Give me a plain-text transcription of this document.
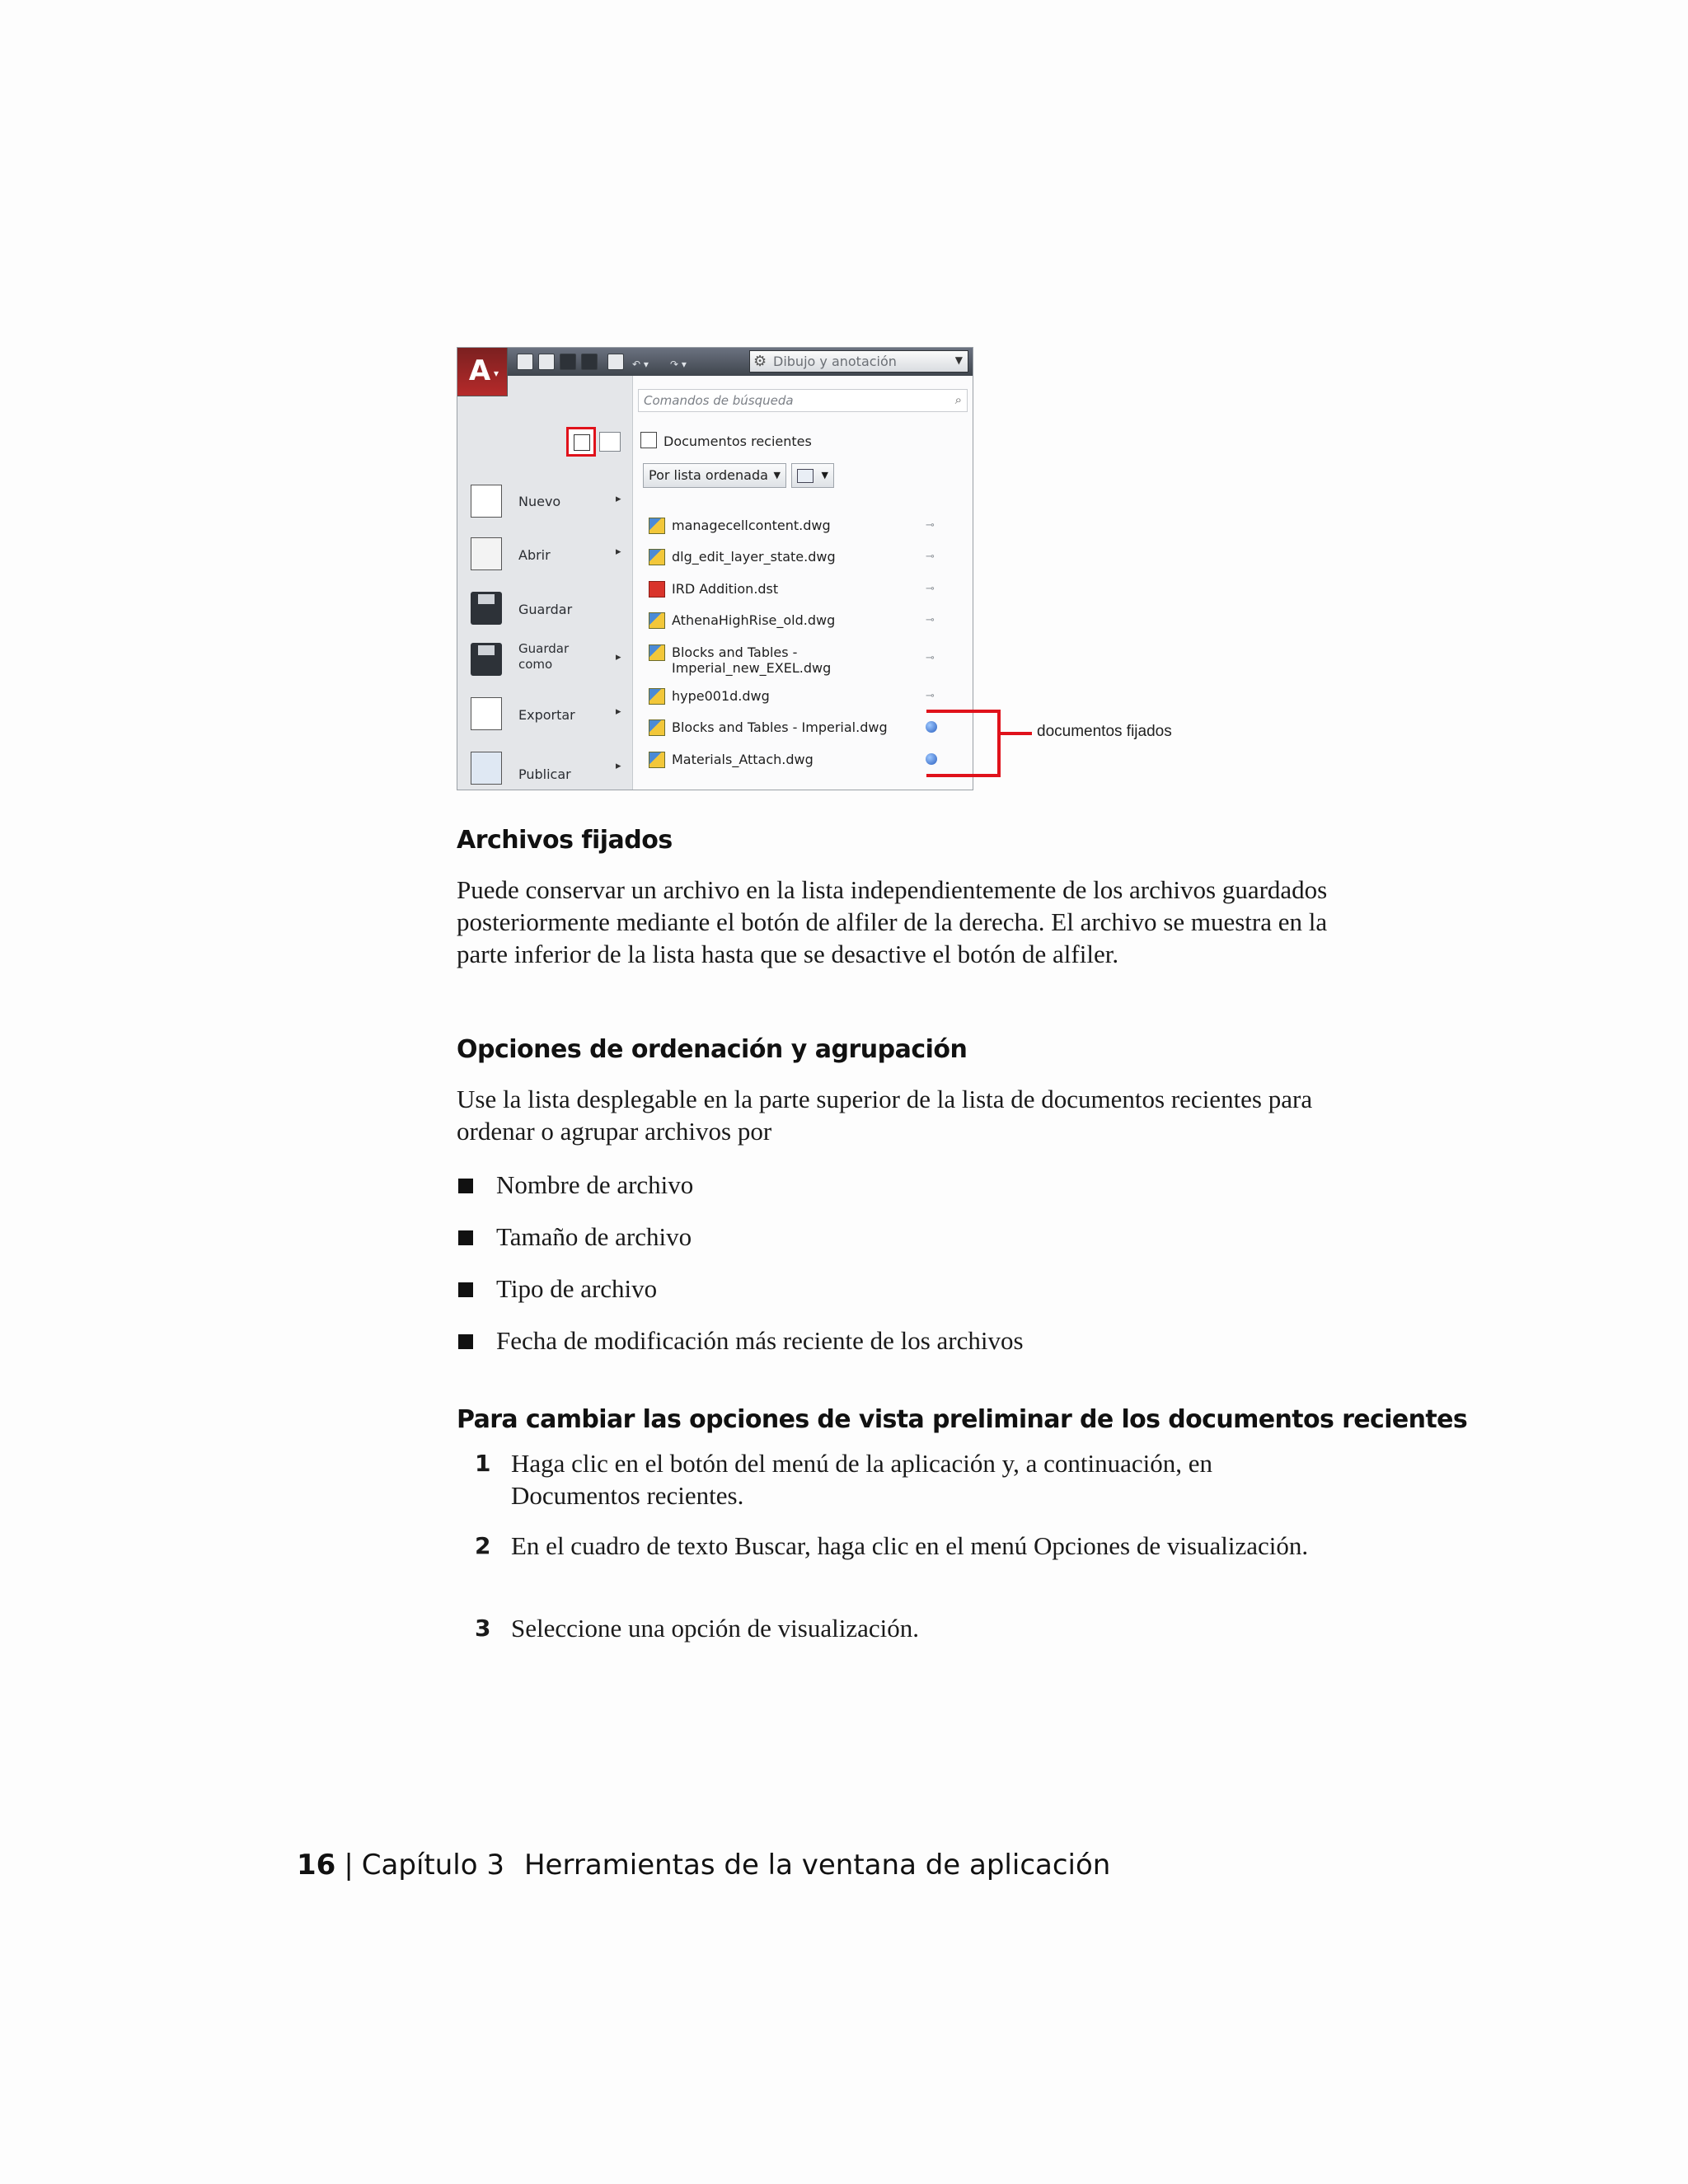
↶ ▾ ↷ ▾	⚙ Dibujo y anotación	▼
A ▾
Comandos de búsqueda	⌕
Nuevo	▸
Abrir	▸
Guardar
Guardar
como	▸
Exportar	▸
Publicar
▸
Documentos recientes
Por lista ordenada ▼	▼
managecellcontent.dwg	⊸
dlg_edit_layer_state.dwg	⊸
IRD Addition.dst	⊸
AthenaHighRise_old.dwg	⊸
Blocks and Tables -
Imperial_new_EXEL.dwg
⊸
hype001d.dwg	⊸
Blocks and Tables - Imperial.dwg
Materials_Attach.dwg
documentos fijados
Archivos fijados
Puede conservar un archivo en la lista independientemente de los archivos guardados posteriormente mediante el botón de alfiler de la derecha. El archivo se muestra en la parte inferior de la lista hasta que se desactive el botón de alfiler.
Opciones de ordenación y agrupación
Use la lista desplegable en la parte superior de la lista de documentos recientes para ordenar o agrupar archivos por
Nombre de archivo
Tamaño de archivo
Tipo de archivo
Fecha de modificación más reciente de los archivos
Para cambiar las opciones de vista preliminar de los documentos recientes
1 Haga clic en el botón del menú de la aplicación y, a continuación, en Documentos recientes.
2 En el cuadro de texto Buscar, haga clic en el menú Opciones de visualización.
3 Seleccione una opción de visualización.
16 | Capítulo 3 Herramientas de la ventana de aplicación
